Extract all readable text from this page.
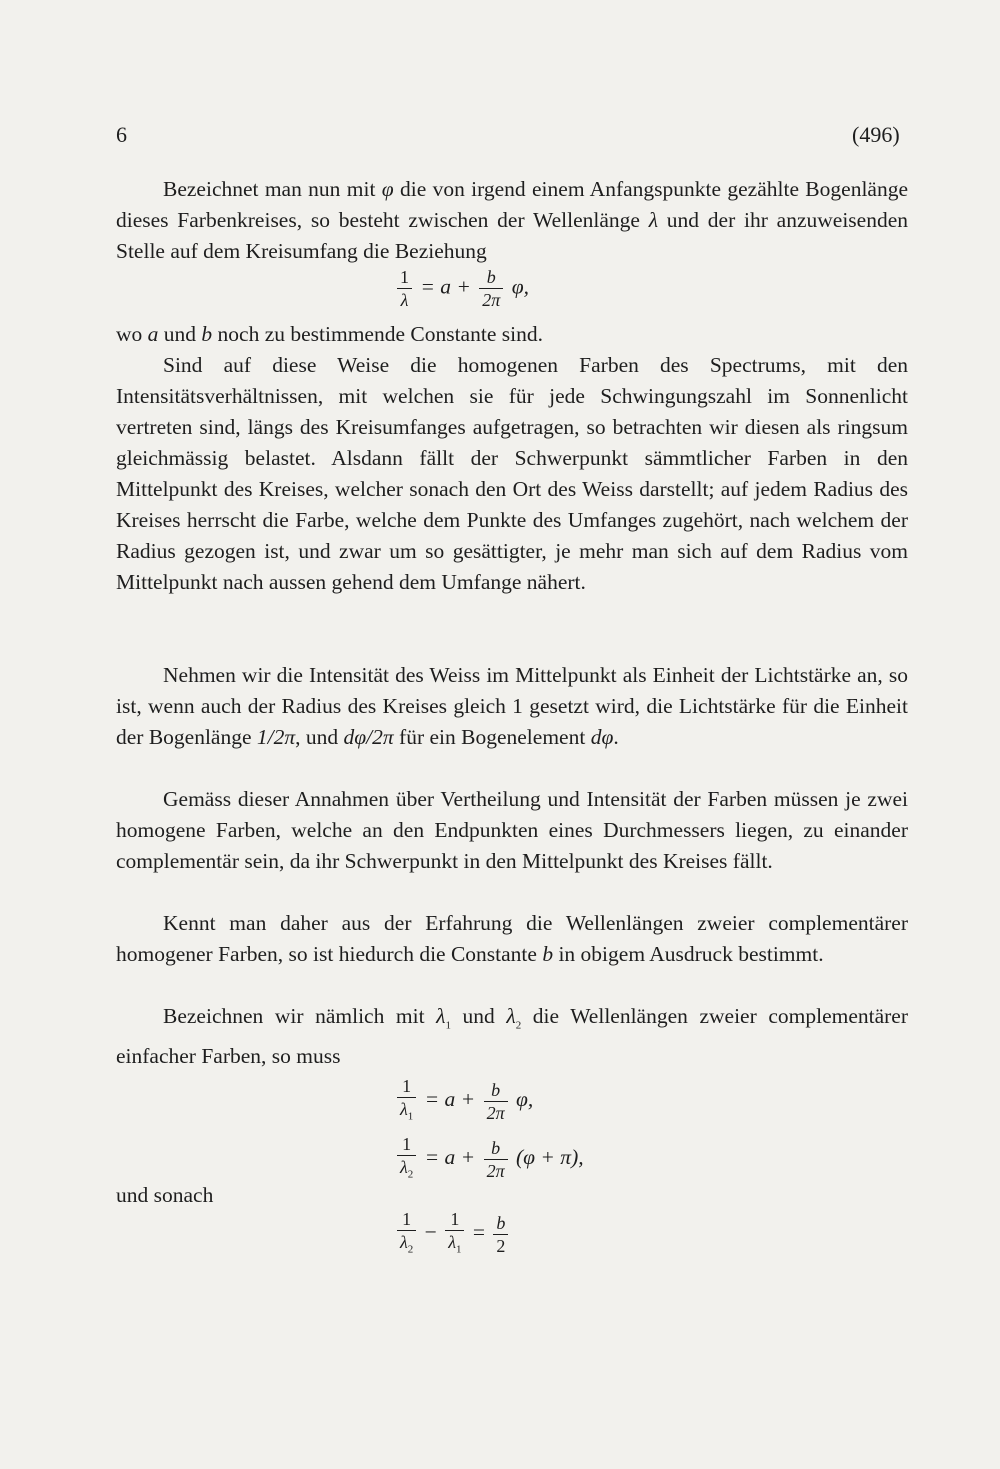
6	(496)

Bezeichnet man nun mit φ die von irgend einem Anfangspunkte gezählte Bogenlänge dieses Farbenkreises, so besteht zwischen der Wellenlänge λ und der ihr anzuweisenden Stelle auf dem Kreisumfang die Beziehung

$\frac{1}{\lambda} = a + \frac{b}{2\pi} \varphi$,

wo a und b noch zu bestimmende Constante sind.

Sind auf diese Weise die homogenen Farben des Spectrums, mit den Intensitätsverhältnissen, mit welchen sie für jede Schwingungszahl im Sonnenlicht vertreten sind, längs des Kreisumfanges aufgetragen, so betrachten wir diesen als ringsum gleichmässig belastet. Alsdann fällt der Schwerpunkt sämmtlicher Farben in den Mittelpunkt des Kreises, welcher sonach den Ort des Weiss darstellt; auf jedem Radius des Kreises herrscht die Farbe, welche dem Punkte des Umfanges zugehört, nach welchem der Radius gezogen ist, und zwar um so gesättigter, je mehr man sich auf dem Radius vom Mittelpunkt nach aussen gehend dem Umfange nähert.

Nehmen wir die Intensität des Weiss im Mittelpunkt als Einheit der Lichtstärke an, so ist, wenn auch der Radius des Kreises gleich 1 gesetzt wird, die Lichtstärke für die Einheit der Bogenlänge 1/2π, und dφ/2π für ein Bogenelement dφ.

Gemäss dieser Annahmen über Vertheilung und Intensität der Farben müssen je zwei homogene Farben, welche an den Endpunkten eines Durchmessers liegen, zu einander complementär sein, da ihr Schwerpunkt in den Mittelpunkt des Kreises fällt.

Kennt man daher aus der Erfahrung die Wellenlängen zweier complementärer homogener Farben, so ist hiedurch die Constante b in obigem Ausdruck bestimmt.

Bezeichnen wir nämlich mit $\lambda_1$ und $\lambda_2$ die Wellenlängen zweier complementärer einfacher Farben, so muss

$\frac{1}{\lambda_1} = a + \frac{b}{2\pi} \varphi$,
$\frac{1}{\lambda_2} = a + \frac{b}{2\pi} (\varphi + \pi)$,
und sonach
$\frac{1}{\lambda_2} - \frac{1}{\lambda_1} = \frac{b}{2}$
